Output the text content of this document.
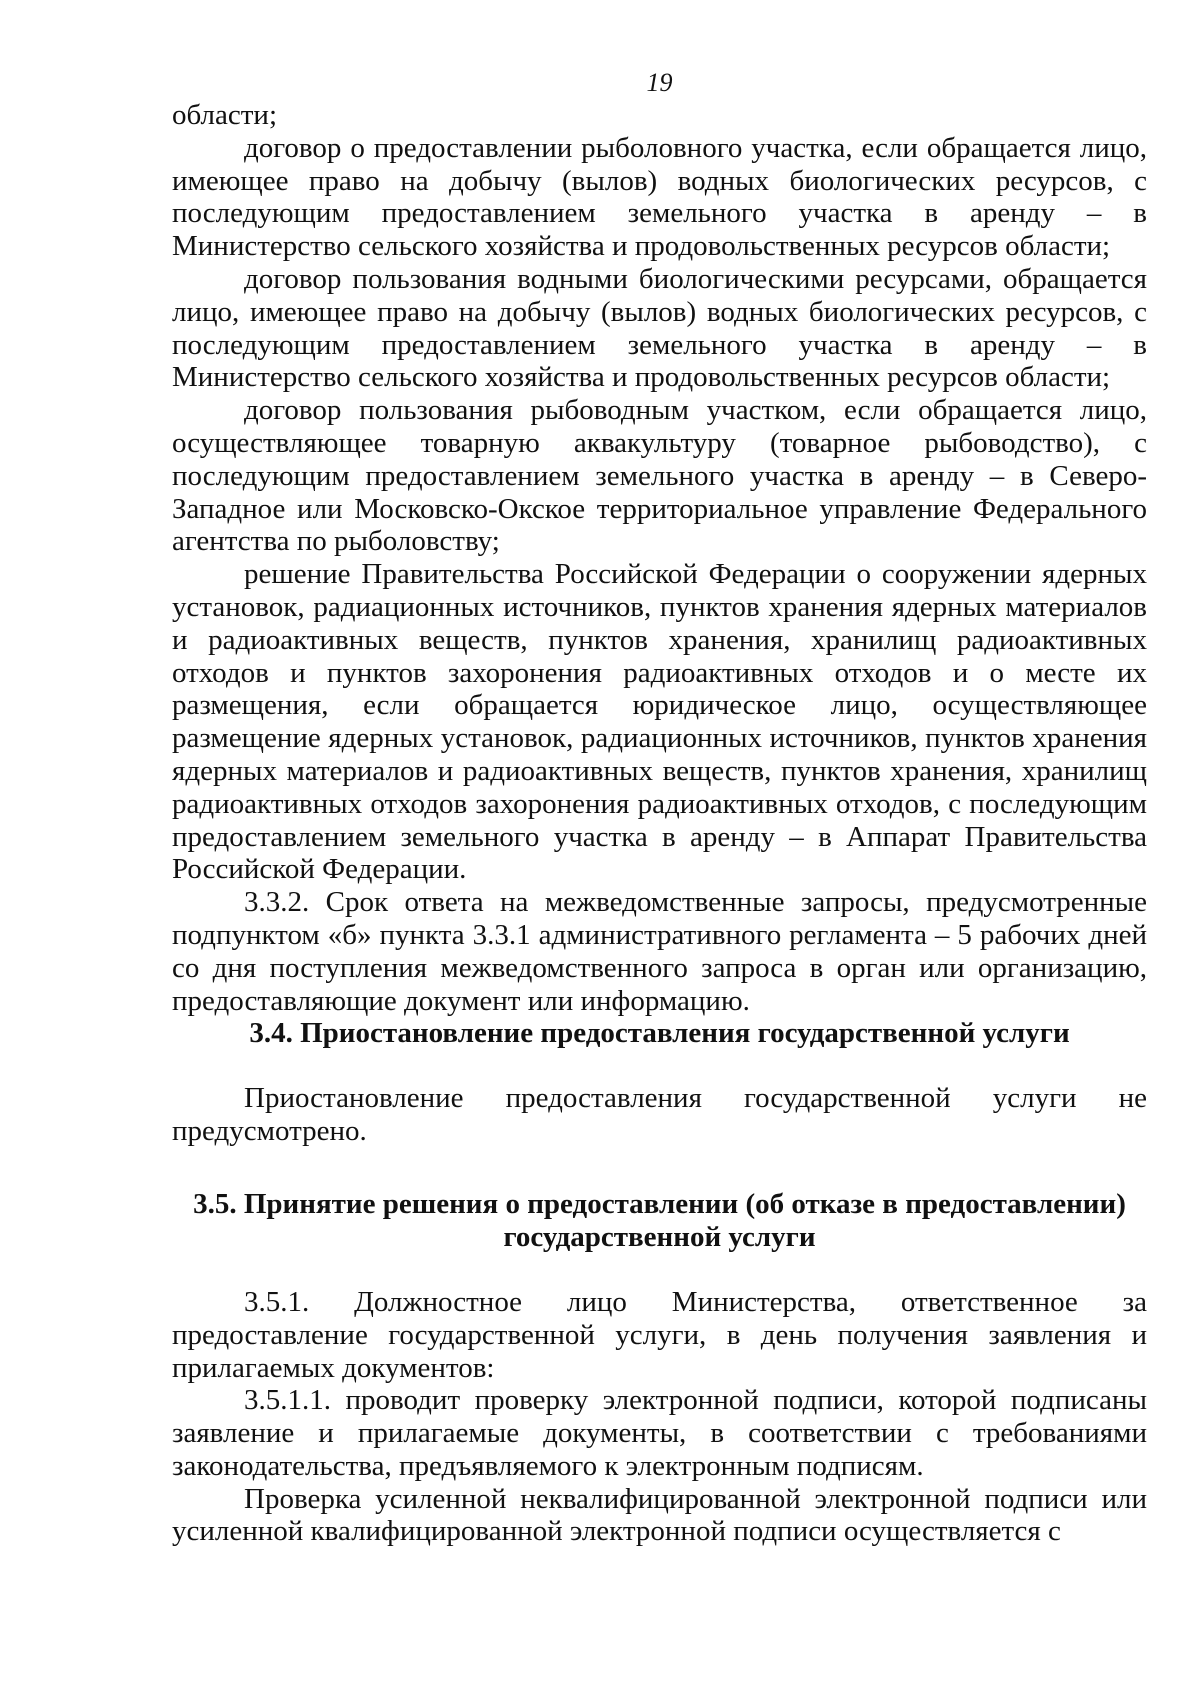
19

области;

договор о предоставлении рыболовного участка, если обращается лицо, имеющее право на добычу (вылов) водных биологических ресурсов, с последующим предоставлением земельного участка в аренду – в Министерство сельского хозяйства и продовольственных ресурсов области;

договор пользования водными биологическими ресурсами, обращается лицо, имеющее право на добычу (вылов) водных биологических ресурсов, с последующим предоставлением земельного участка в аренду – в Министерство сельского хозяйства и продовольственных ресурсов области;

договор пользования рыбоводным участком, если обращается лицо, осуществляющее товарную аквакультуру (товарное рыбоводство), с последующим предоставлением земельного участка в аренду – в Северо-Западное или Московско-Окское территориальное управление Федерального агентства по рыболовству;

решение Правительства Российской Федерации о сооружении ядерных установок, радиационных источников, пунктов хранения ядерных материалов и радиоактивных веществ, пунктов хранения, хранилищ радиоактивных отходов и пунктов захоронения радиоактивных отходов и о месте их размещения, если обращается юридическое лицо, осуществляющее размещение ядерных установок, радиационных источников, пунктов хранения ядерных материалов и радиоактивных веществ, пунктов хранения, хранилищ радиоактивных отходов захоронения радиоактивных отходов, с последующим предоставлением земельного участка в аренду – в Аппарат Правительства Российской Федерации.

3.3.2. Срок ответа на межведомственные запросы, предусмотренные подпунктом «б» пункта 3.3.1 административного регламента – 5 рабочих дней со дня поступления межведомственного запроса в орган или организацию, предоставляющие документ или информацию.

3.4. Приостановление предоставления государственной услуги

Приостановление предоставления государственной услуги не предусмотрено.

3.5. Принятие решения о предоставлении (об отказе в предоставлении)

государственной услуги

3.5.1. Должностное лицо Министерства, ответственное за предоставление государственной услуги, в день получения заявления и прилагаемых документов:

3.5.1.1. проводит проверку электронной подписи, которой подписаны заявление и прилагаемые документы, в соответствии с требованиями законодательства, предъявляемого к электронным подписям.

Проверка усиленной неквалифицированной электронной подписи или усиленной квалифицированной электронной подписи осуществляется с
